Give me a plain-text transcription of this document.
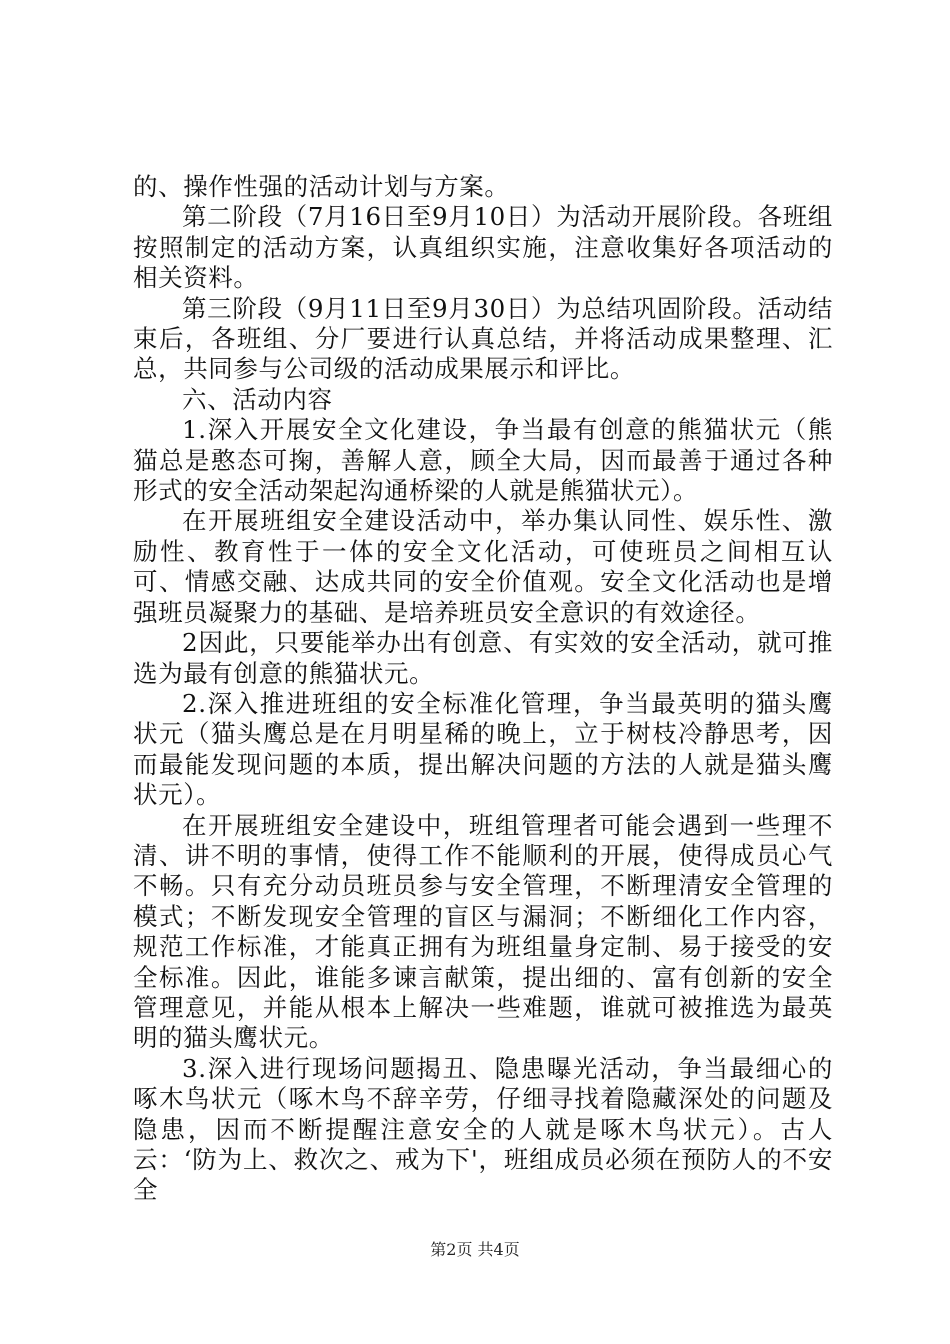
的、操作性强的活动计划与方案。

第二阶段（7月16日至9月10日）为活动开展阶段。各班组按照制定的活动方案，认真组织实施，注意收集好各项活动的相关资料。

第三阶段（9月11日至9月30日）为总结巩固阶段。活动结束后，各班组、分厂要进行认真总结，并将活动成果整理、汇总，共同参与公司级的活动成果展示和评比。

六、活动内容

1.深入开展安全文化建设，争当最有创意的熊猫状元（熊猫总是憨态可掬，善解人意，顾全大局，因而最善于通过各种形式的安全活动架起沟通桥梁的人就是熊猫状元）。

在开展班组安全建设活动中，举办集认同性、娱乐性、激励性、教育性于一体的安全文化活动，可使班员之间相互认可、情感交融、达成共同的安全价值观。安全文化活动也是增强班员凝聚力的基础、是培养班员安全意识的有效途径。

2因此，只要能举办出有创意、有实效的安全活动，就可推选为最有创意的熊猫状元。

2.深入推进班组的安全标准化管理，争当最英明的猫头鹰状元（猫头鹰总是在月明星稀的晚上，立于树枝冷静思考，因而最能发现问题的本质，提出解决问题的方法的人就是猫头鹰状元）。

在开展班组安全建设中，班组管理者可能会遇到一些理不清、讲不明的事情，使得工作不能顺利的开展，使得成员心气不畅。只有充分动员班员参与安全管理，不断理清安全管理的模式；不断发现安全管理的盲区与漏洞；不断细化工作内容，规范工作标准，才能真正拥有为班组量身定制、易于接受的安全标准。因此，谁能多谏言献策，提出细的、富有创新的安全管理意见，并能从根本上解决一些难题，谁就可被推选为最英明的猫头鹰状元。

3.深入进行现场问题揭丑、隐患曝光活动，争当最细心的啄木鸟状元（啄木鸟不辞辛劳，仔细寻找着隐藏深处的问题及隐患，因而不断提醒注意安全的人就是啄木鸟状元）。古人云：‘防为上、救次之、戒为下'，班组成员必须在预防人的不安全

第2页 共4页
